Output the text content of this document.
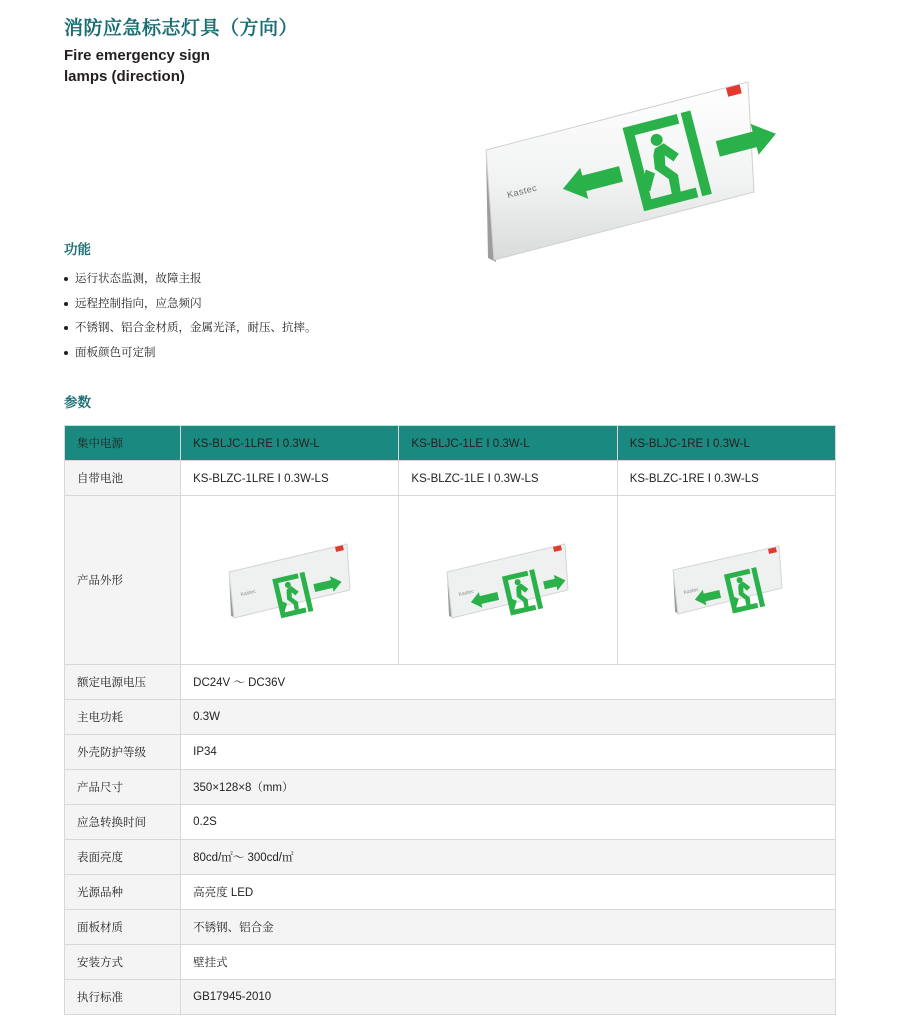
消防应急标志灯具（方向）
Fire emergency sign
lamps (direction)
Kastec
功能
运行状态监测，故障主报
远程控制指向，应急频闪
不锈钢、铝合金材质，金属光泽，耐压、抗摔。
面板颜色可定制
参数
集中电源	KS-BLJC-1LRE Ⅰ 0.3W-L	KS-BLJC-1LE Ⅰ 0.3W-L	KS-BLJC-1RE Ⅰ 0.3W-L
自带电池	KS-BLZC-1LRE Ⅰ 0.3W-LS	KS-BLZC-1LE Ⅰ 0.3W-LS	KS-BLZC-1RE Ⅰ 0.3W-LS
产品外形	Kastec	Kastec	Kastec

额定电源电压	DC24V ～ DC36V		
主电功耗	0.3W		
外壳防护等级	IP34		
产品尺寸	350×128×8（mm）		
应急转换时间	0.2S		
表面亮度	80cd/㎡～ 300cd/㎡		
光源品种	高亮度 LED		
面板材质	不锈钢、铝合金		
安装方式	壁挂式		
执行标准	GB17945-2010		
